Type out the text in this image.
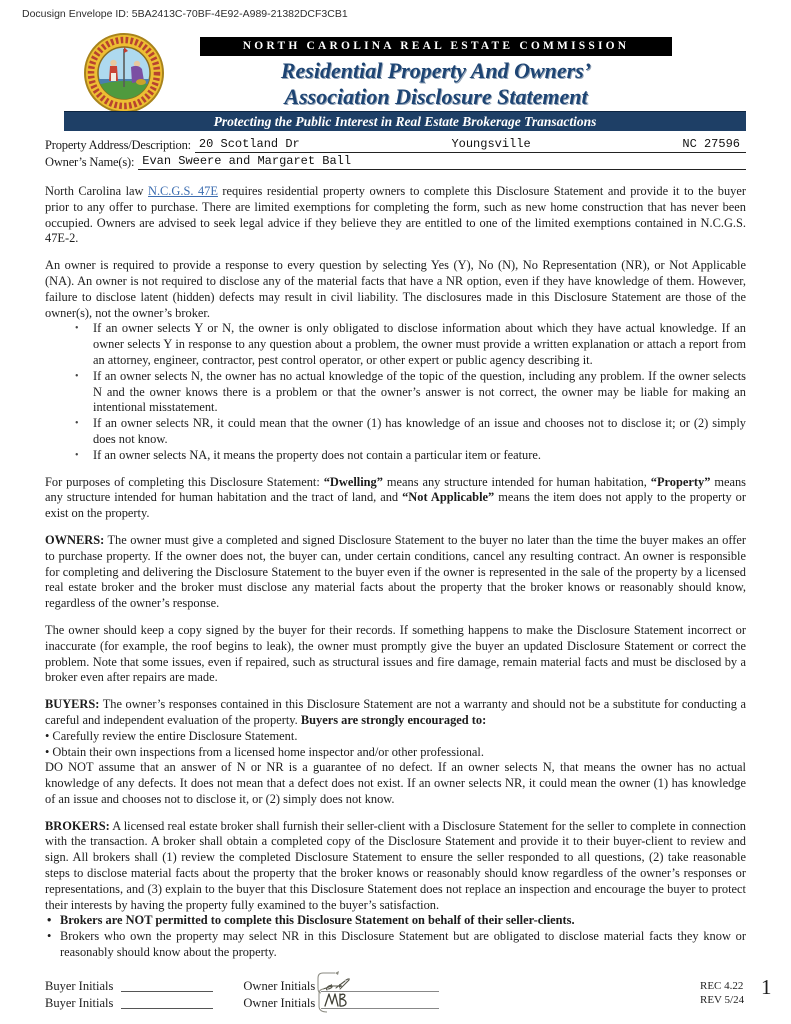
Docusign Envelope ID: 5BA2413C-70BF-4E92-A989-21382DCF3CB1
NORTH CAROLINA REAL ESTATE COMMISSION
Residential Property And Owners’
Association Disclosure Statement
Protecting the Public Interest in Real Estate Brokerage Transactions
Property Address/Description: 20 Scotland Dr	Youngsville	NC 27596
Owner’s Name(s): Evan Sweere and Margaret Ball

North Carolina law N.C.G.S. 47E requires residential property owners to complete this Disclosure Statement and provide it to the buyer prior to any offer to purchase. There are limited exemptions for completing the form, such as new home construction that has never been occupied. Owners are advised to seek legal advice if they believe they are entitled to one of the limited exemptions contained in N.C.G.S. 47E-2.

An owner is required to provide a response to every question by selecting Yes (Y), No (N), No Representation (NR), or Not Applicable (NA). An owner is not required to disclose any of the material facts that have a NR option, even if they have knowledge of them. However, failure to disclose latent (hidden) defects may result in civil liability. The disclosures made in this Disclosure Statement are those of the owner(s), not the owner’s broker.

•	If an owner selects Y or N, the owner is only obligated to disclose information about which they have actual knowledge. If an owner selects Y in response to any question about a problem, the owner must provide a written explanation or attach a report from an attorney, engineer, contractor, pest control operator, or other expert or public agency describing it.
•	If an owner selects N, the owner has no actual knowledge of the topic of the question, including any problem. If the owner selects N and the owner knows there is a problem or that the owner’s answer is not correct, the owner may be liable for making an intentional misstatement.
•	If an owner selects NR, it could mean that the owner (1) has knowledge of an issue and chooses not to disclose it; or (2) simply does not know.
•	If an owner selects NA, it means the property does not contain a particular item or feature.

For purposes of completing this Disclosure Statement: “Dwelling” means any structure intended for human habitation, “Property” means any structure intended for human habitation and the tract of land, and “Not Applicable” means the item does not apply to the property or exist on the property.

OWNERS: The owner must give a completed and signed Disclosure Statement to the buyer no later than the time the buyer makes an offer to purchase property. If the owner does not, the buyer can, under certain conditions, cancel any resulting contract. An owner is responsible for completing and delivering the Disclosure Statement to the buyer even if the owner is represented in the sale of the property by a licensed real estate broker and the broker must disclose any material facts about the property that the broker knows or reasonably should know, regardless of the owner’s response.

The owner should keep a copy signed by the buyer for their records. If something happens to make the Disclosure Statement incorrect or inaccurate (for example, the roof begins to leak), the owner must promptly give the buyer an updated Disclosure Statement or correct the problem. Note that some issues, even if repaired, such as structural issues and fire damage, remain material facts and must be disclosed by a broker even after repairs are made.

BUYERS: The owner’s responses contained in this Disclosure Statement are not a warranty and should not be a substitute for conducting a careful and independent evaluation of the property. Buyers are strongly encouraged to:

• Carefully review the entire Disclosure Statement.

• Obtain their own inspections from a licensed home inspector and/or other professional.

DO NOT assume that an answer of N or NR is a guarantee of no defect. If an owner selects N, that means the owner has no actual knowledge of any defects. It does not mean that a defect does not exist. If an owner selects NR, it could mean the owner (1) has knowledge of an issue and chooses not to disclose it, or (2) simply does not know.

BROKERS: A licensed real estate broker shall furnish their seller-client with a Disclosure Statement for the seller to complete in connection with the transaction. A broker shall obtain a completed copy of the Disclosure Statement and provide it to their buyer-client to review and sign. All brokers shall (1) review the completed Disclosure Statement to ensure the seller responded to all questions, (2) take reasonable steps to disclose material facts about the property that the broker knows or reasonably should know regardless of the owner’s responses or representations, and (3) explain to the buyer that this Disclosure Statement does not replace an inspection and encourage the buyer to protect their interests by having the property fully examined to the buyer’s satisfaction.

• Brokers are NOT permitted to complete this Disclosure Statement on behalf of their seller-clients.
• Brokers who own the property may select NR in this Disclosure Statement but are obligated to disclose material facts they know or reasonably should know about the property.
Buyer Initials	Owner Initials
Buyer Initials	Owner Initials
REC 4.22
REV 5/24
1
